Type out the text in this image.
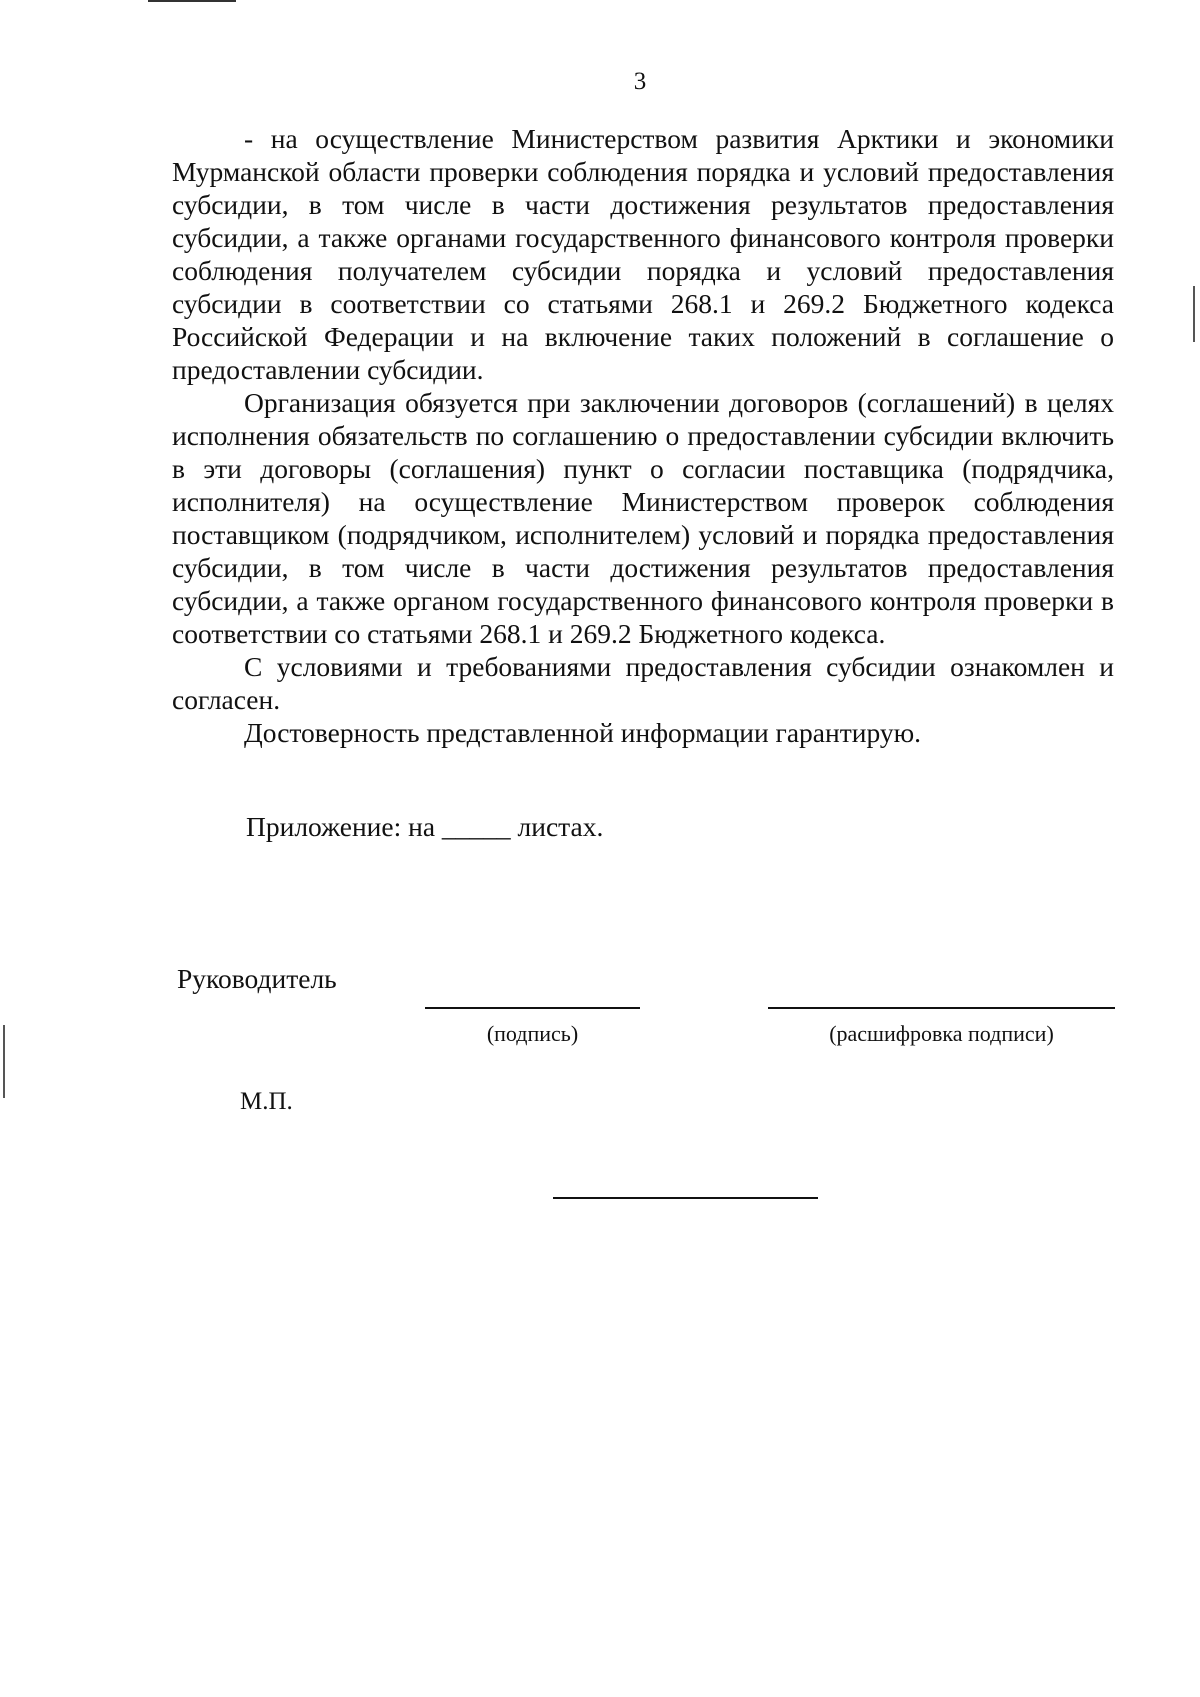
3

- на осуществление Министерством развития Арктики и экономики Мурманской области проверки соблюдения порядка и условий предоставления субсидии, в том числе в части достижения результатов предоставления субсидии, а также органами государственного финансового контроля проверки соблюдения получателем субсидии порядка и условий предоставления субсидии в соответствии со статьями 268.1 и 269.2 Бюджетного кодекса Российской Федерации и на включение таких положений в соглашение о предоставлении субсидии.

Организация обязуется при заключении договоров (соглашений) в целях исполнения обязательств по соглашению о предоставлении субсидии включить в эти договоры (соглашения) пункт о согласии поставщика (подрядчика, исполнителя) на осуществление Министерством проверок соблюдения поставщиком (подрядчиком, исполнителем) условий и порядка предоставления субсидии, в том числе в части достижения результатов предоставления субсидии, а также органом государственного финансового контроля проверки в соответствии со статьями 268.1 и 269.2 Бюджетного кодекса.

С условиями и требованиями предоставления субсидии ознакомлен и согласен.

Достоверность представленной информации гарантирую.

Приложение: на _____ листах.
Руководитель
(подпись)	(расшифровка подписи)
М.П.
